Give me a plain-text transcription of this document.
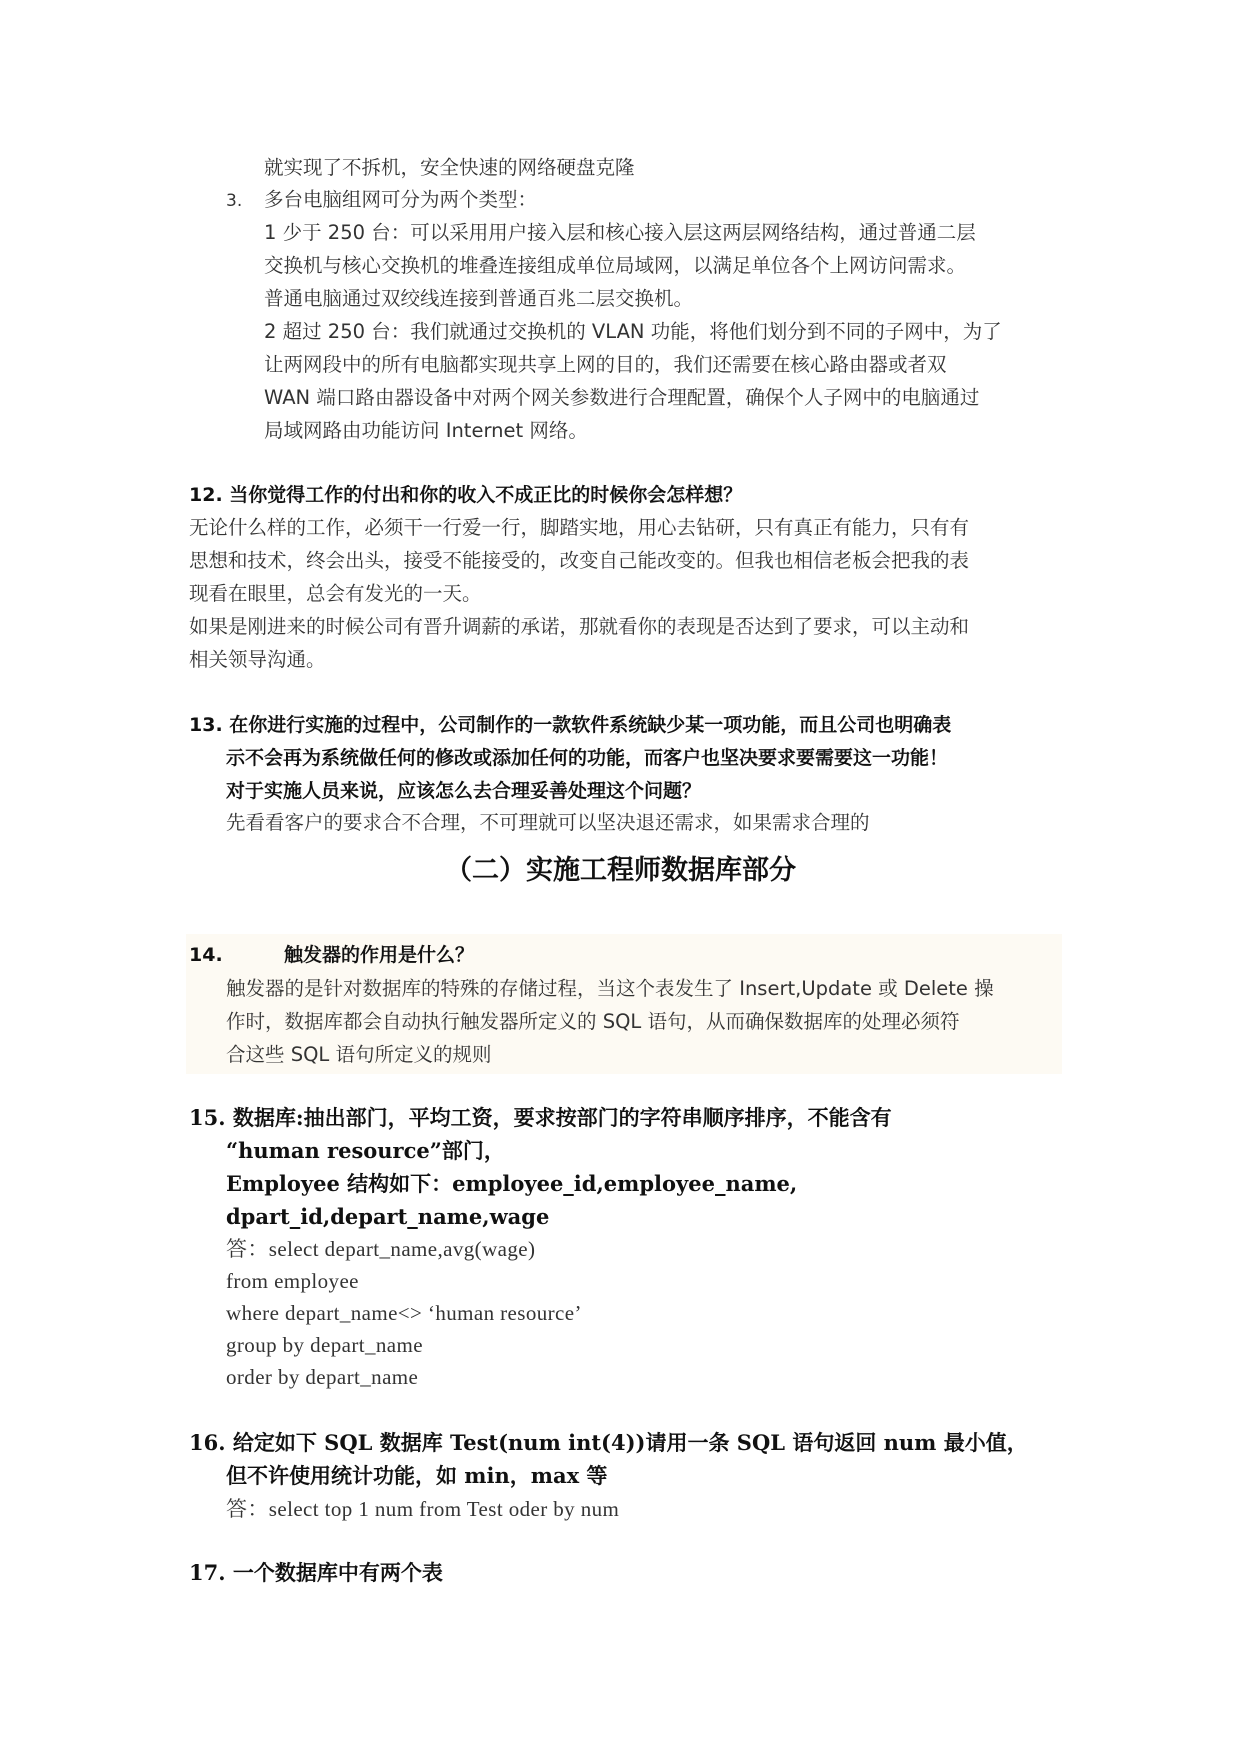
就实现了不拆机，安全快速的网络硬盘克隆
3. 多台电脑组网可分为两个类型：
1 少于 250 台：可以采用用户接入层和核心接入层这两层网络结构，通过普通二层
交换机与核心交换机的堆叠连接组成单位局域网，以满足单位各个上网访问需求。
普通电脑通过双绞线连接到普通百兆二层交换机。
2 超过 250 台：我们就通过交换机的 VLAN 功能，将他们划分到不同的子网中，为了
让两网段中的所有电脑都实现共享上网的目的，我们还需要在核心路由器或者双
WAN 端口路由器设备中对两个网关参数进行合理配置，确保个人子网中的电脑通过
局域网路由功能访问 Internet 网络。
12. 当你觉得工作的付出和你的收入不成正比的时候你会怎样想？
无论什么样的工作，必须干一行爱一行，脚踏实地，用心去钻研，只有真正有能力，只有有
思想和技术，终会出头，接受不能接受的，改变自己能改变的。但我也相信老板会把我的表
现看在眼里，总会有发光的一天。
如果是刚进来的时候公司有晋升调薪的承诺，那就看你的表现是否达到了要求，可以主动和
相关领导沟通。
13. 在你进行实施的过程中，公司制作的一款软件系统缺少某一项功能，而且公司也明确表
示不会再为系统做任何的修改或添加任何的功能，而客户也坚决要求要需要这一功能！
对于实施人员来说，应该怎么去合理妥善处理这个问题？
先看看客户的要求合不合理，不可理就可以坚决退还需求，如果需求合理的
（二）实施工程师数据库部分
14.	触发器的作用是什么？
触发器的是针对数据库的特殊的存储过程，当这个表发生了 Insert,Update 或 Delete 操
作时，数据库都会自动执行触发器所定义的 SQL 语句，从而确保数据库的处理必须符
合这些 SQL 语句所定义的规则
15. 数据库:抽出部门，平均工资，要求按部门的字符串顺序排序，不能含有
“human resource”部门，
Employee 结构如下：employee_id,employee_name,
dpart_id,depart_name,wage
答：select depart_name,avg(wage)
from employee
where depart_name<> ‘human resource’
group by depart_name
order by depart_name
16. 给定如下 SQL 数据库 Test(num int(4))请用一条 SQL 语句返回 num 最小值，
但不许使用统计功能，如 min，max 等
答：select top 1 num from Test oder by num
17. 一个数据库中有两个表
